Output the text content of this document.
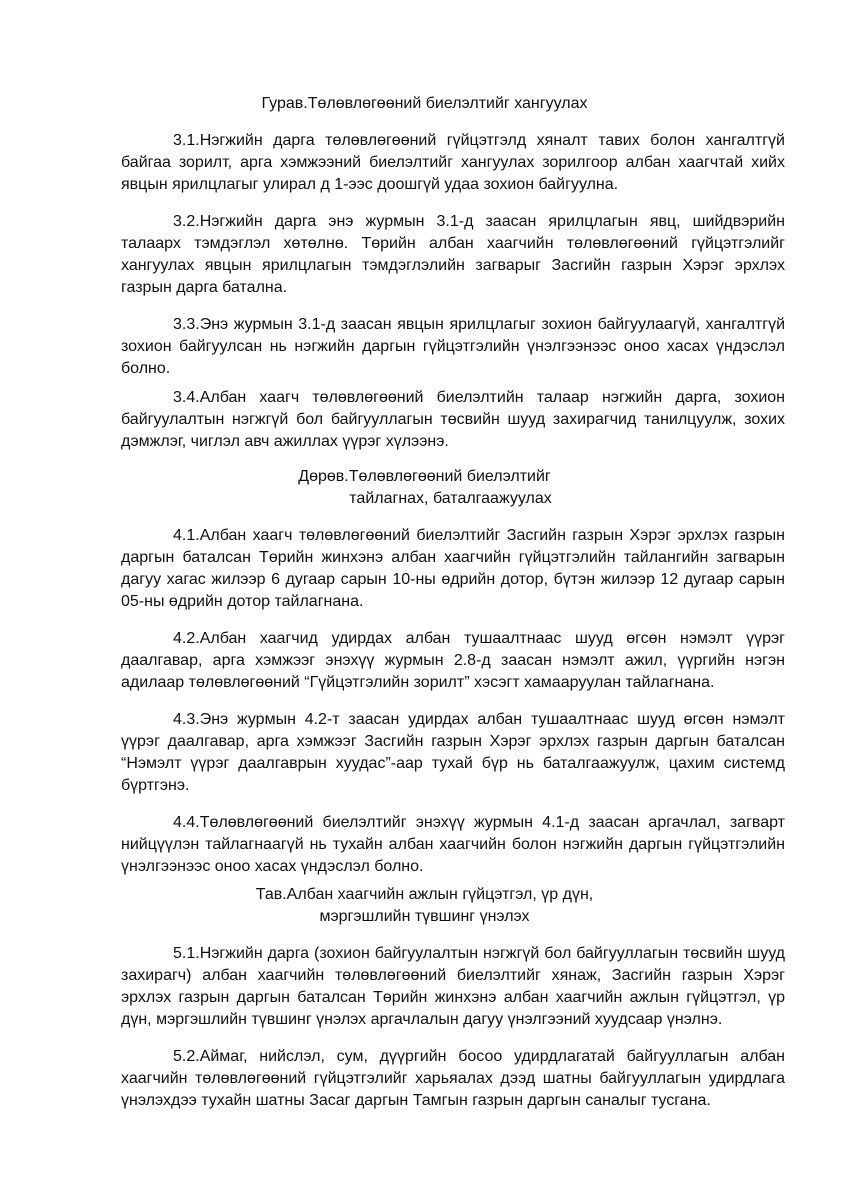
Гурав.Төлөвлөгөөний биелэлтийг хангуулах

3.1.Нэгжийн дарга төлөвлөгөөний гүйцэтгэлд хяналт тавих болон хангалтгүй байгаа зорилт, арга хэмжээний биелэлтийг хангуулах зорилгоор албан хаагчтай хийх явцын ярилцлагыг улирал д 1-ээс доошгүй удаа зохион байгуулна.

3.2.Нэгжийн дарга энэ журмын 3.1-д заасан ярилцлагын явц, шийдвэрийн талаарх тэмдэглэл хөтөлнө. Төрийн албан хаагчийн төлөвлөгөөний гүйцэтгэлийг хангуулах явцын ярилцлагын тэмдэглэлийн загварыг Засгийн газрын Хэрэг эрхлэх газрын дарга батална.

3.3.Энэ журмын 3.1-д заасан явцын ярилцлагыг зохион байгуулаагүй, хангалтгүй зохион байгуулсан нь нэгжийн даргын гүйцэтгэлийн үнэлгээнээс оноо хасах үндэслэл болно.

3.4.Албан хаагч төлөвлөгөөний биелэлтийн талаар нэгжийн дарга, зохион байгуулалтын нэгжгүй бол байгууллагын төсвийн шууд захирагчид танилцуулж, зохих дэмжлэг, чиглэл авч ажиллах үүрэг хүлээнэ.

Дөрөв.Төлөвлөгөөний биелэлтийг
тайлагнах, баталгаажуулах

4.1.Албан хаагч төлөвлөгөөний биелэлтийг Засгийн газрын Хэрэг эрхлэх газрын даргын баталсан Төрийн жинхэнэ албан хаагчийн гүйцэтгэлийн тайлангийн загварын дагуу хагас жилээр 6 дугаар сарын 10-ны өдрийн дотор, бүтэн жилээр 12 дугаар сарын 05-ны өдрийн дотор тайлагнана.

4.2.Албан хаагчид удирдах албан тушаалтнаас шууд өгсөн нэмэлт үүрэг даалгавар, арга хэмжээг энэхүү журмын 2.8-д заасан нэмэлт ажил, үүргийн нэгэн адилаар төлөвлөгөөний “Гүйцэтгэлийн зорилт” хэсэгт хамааруулан тайлагнана.

4.3.Энэ журмын 4.2-т заасан удирдах албан тушаалтнаас шууд өгсөн нэмэлт үүрэг даалгавар, арга хэмжээг Засгийн газрын Хэрэг эрхлэх газрын даргын баталсан “Нэмэлт үүрэг даалгаврын хуудас”-аар тухай бүр нь баталгаажуулж, цахим системд бүртгэнэ.

4.4.Төлөвлөгөөний биелэлтийг энэхүү журмын 4.1-д заасан аргачлал, загварт нийцүүлэн тайлагнаагүй нь тухайн албан хаагчийн болон нэгжийн даргын гүйцэтгэлийн үнэлгээнээс оноо хасах үндэслэл болно.

Тав.Албан хаагчийн ажлын гүйцэтгэл, үр дүн,
мэргэшлийн түвшинг үнэлэх

5.1.Нэгжийн дарга (зохион байгуулалтын нэгжгүй бол байгууллагын төсвийн шууд захирагч) албан хаагчийн төлөвлөгөөний биелэлтийг хянаж, Засгийн газрын Хэрэг эрхлэх газрын даргын баталсан Төрийн жинхэнэ албан хаагчийн ажлын гүйцэтгэл, үр дүн, мэргэшлийн түвшинг үнэлэх аргачлалын дагуу үнэлгээний хуудсаар үнэлнэ.

5.2.Аймаг, нийслэл, сум, дүүргийн босоо удирдлагатай байгууллагын албан хаагчийн төлөвлөгөөний гүйцэтгэлийг харьяалах дээд шатны байгууллагын удирдлага үнэлэхдээ тухайн шатны Засаг даргын Тамгын газрын даргын саналыг тусгана.
